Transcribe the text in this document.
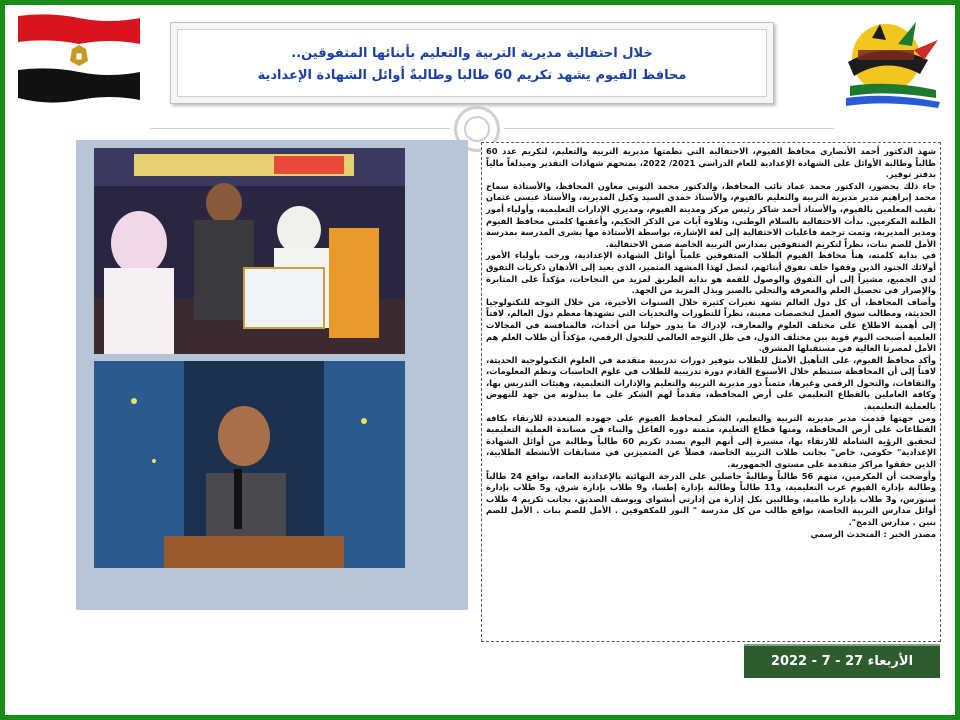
خلال احتفالية مديرية التربية والتعليم بأبنائها المتفوقين..
محافظ الفيوم يشهد تكريم 60 طالبا وطالبةً أوائل الشهادة الإعدادية

شهد الدكتور أحمد الأنصاري محافظ الفيوم، الاحتفالية التي نظمتها مديرية التربية والتعليم، لتكريم عدد 60 طالباً وطالبة الأوائل على الشهادة الإعدادية للعام الدراسي 2021/ 2022، بمنحهم شهادات التقدير وميدلغاً مالياً بدفتر توفير.

جاء ذلك بحضور، الدكتور محمد عماد نائب المحافظ، والدكتور محمد التوني معاون المحافظ، والأستاذة سماح محمد إبراهيم مدير مديرية التربية والتعليم بالفيوم، والأستاذ حمدي السيد وكيل المديرية، والأستاذ عيسى عثمان نقيب المعلمين بالفيوم، والأستاذ أحمد شاكر رئيس مركز ومدينة الفيوم، ومديري الإدارات التعليمية، وأولياء أمور الطلبة المكرمين. بدأت الاحتفالية بالسلام الوطني، وتلاوة آيات من الذكر الحكيم، وأعقبها كلمتي محافظ الفيوم ومدير المديرية، وتمت ترجمة فاعليات الاحتفالية إلى لغة الإشارة، بواسطة الأستاذة مها بشرى المدرسة بمدرسة الأمل للصم بنات، نظراً لتكريم المتفوقين بمدارس التربية الخاصة ضمن الاحتفالية.

في بداية كلمته، هنأ محافظ الفيوم الطلاب المتفوقين علمياً أوائل الشهادة الإعدادية، ورحب بأولياء الأمور أولائك الجنود الذين وقفوا خلف تفوق أبنائهم، لتصل لهذا المشهد المتميز، الذي يعيد إلى الأذهان ذكريات التفوق لدى الجميع، مشيراً إلى أن التفوق والوصول للقمة هو بداية الطريق لمزيد من النجاحات، مؤكداً على المثابرة والإصرار في تحصيل العلم والمعرفة والتحلي بالصبر وبذل المزيد من الجهد.

وأضاف المحافظ، أن كل دول العالم تشهد تغيرات كثيرة خلال السنوات الأخيرة، من خلال التوجه للتكنولوجيا الحديثة، ومطالب سوق العمل لتخصصات معينة، نظراً للتطورات والتحديات التي تشهدها معظم دول العالم، لافتاً إلى أهمية الاطلاع على مختلف العلوم والمعارف، لإدراك ما يدور حولنا من أحداث، فالمنافسة في المجالات العلمية أصبحت اليوم قوية بين مختلف الدول، في ظل التوجه العالمي للتحول الرقمي، مؤكداً أن طلاب العلم هم الأمل لمصرنا الغالية في مستقبلها المشرق.

وأكد محافظ الفيوم، على التأهيل الأمثل للطلاب بتوفير دورات تدريبية متقدمة في العلوم التكنولوجية الحديثة، لافتاً إلى أن المحافظة ستنظم خلال الأسبوع القادم دورة تدريبية للطلاب في علوم الحاسبات ونظم المعلومات، والثقافات، والتحول الرقمي وغيرها، مثمناً دور مديرية التربية والتعليم والإدارات التعليمية، وهيئات التدريس بها، وكافة العاملين بالقطاع التعليمي على أرض المحافظة، مقدماً لهم الشكر على ما يبذلونه من جهد للنهوض بالعملية التعليمية.

ومن جهتها قدمت مدير مديرية التربية والتعليم، الشكر لمحافظ الفيوم على جهوده المتعددة للارتقاء بكافة القطاعات على أرض المحافظة، ومنها قطاع التعليم، مثمنة دوره الفاعل والبناء في مساندة العملية التعليمية لتحقيق الرؤية الشاملة للارتقاء بها، مشيرة إلى أنهم اليوم بصدد تكريم 60 طالباً وطالبة من أوائل الشهادة الإعدادية" حكومي، خاص" بجانب طلاب التربية الخاصة، فضلاً عن المتميزين في مسابقات الأنشطة الطلابية، الذين حققوا مراكز متقدمة على مستوى الجمهورية.

وأوضحت أن المكرمين، منهم 56 طالباً وطالبةً حاصلين على الدرجة النهائية بالإعدادية العامة، بواقع 24 طالباً وطالبة بإدارة الفيوم غرب التعليمية، و11 طالباً وطالبة بإدارة إطسا، و9 طلاب بإدارة شرق، و5 طلاب بإدارة سنورس، و3 طلاب بإدارة طامية، وطالبين بكل إدارة من إدارتي أبشواي ويوسف الصديق، بجانب تكريم 4 طلاب أوائل مدارس التربية الخاصة، بواقع طالب من كل مدرسة " النور للمكفوفين . الأمل للصم بنات . الأمل للصم بنين . مدارس الدمج".

مصدر الخبر : المتحدث الرسمي

الأربعاء 27 - 7 - 2022
